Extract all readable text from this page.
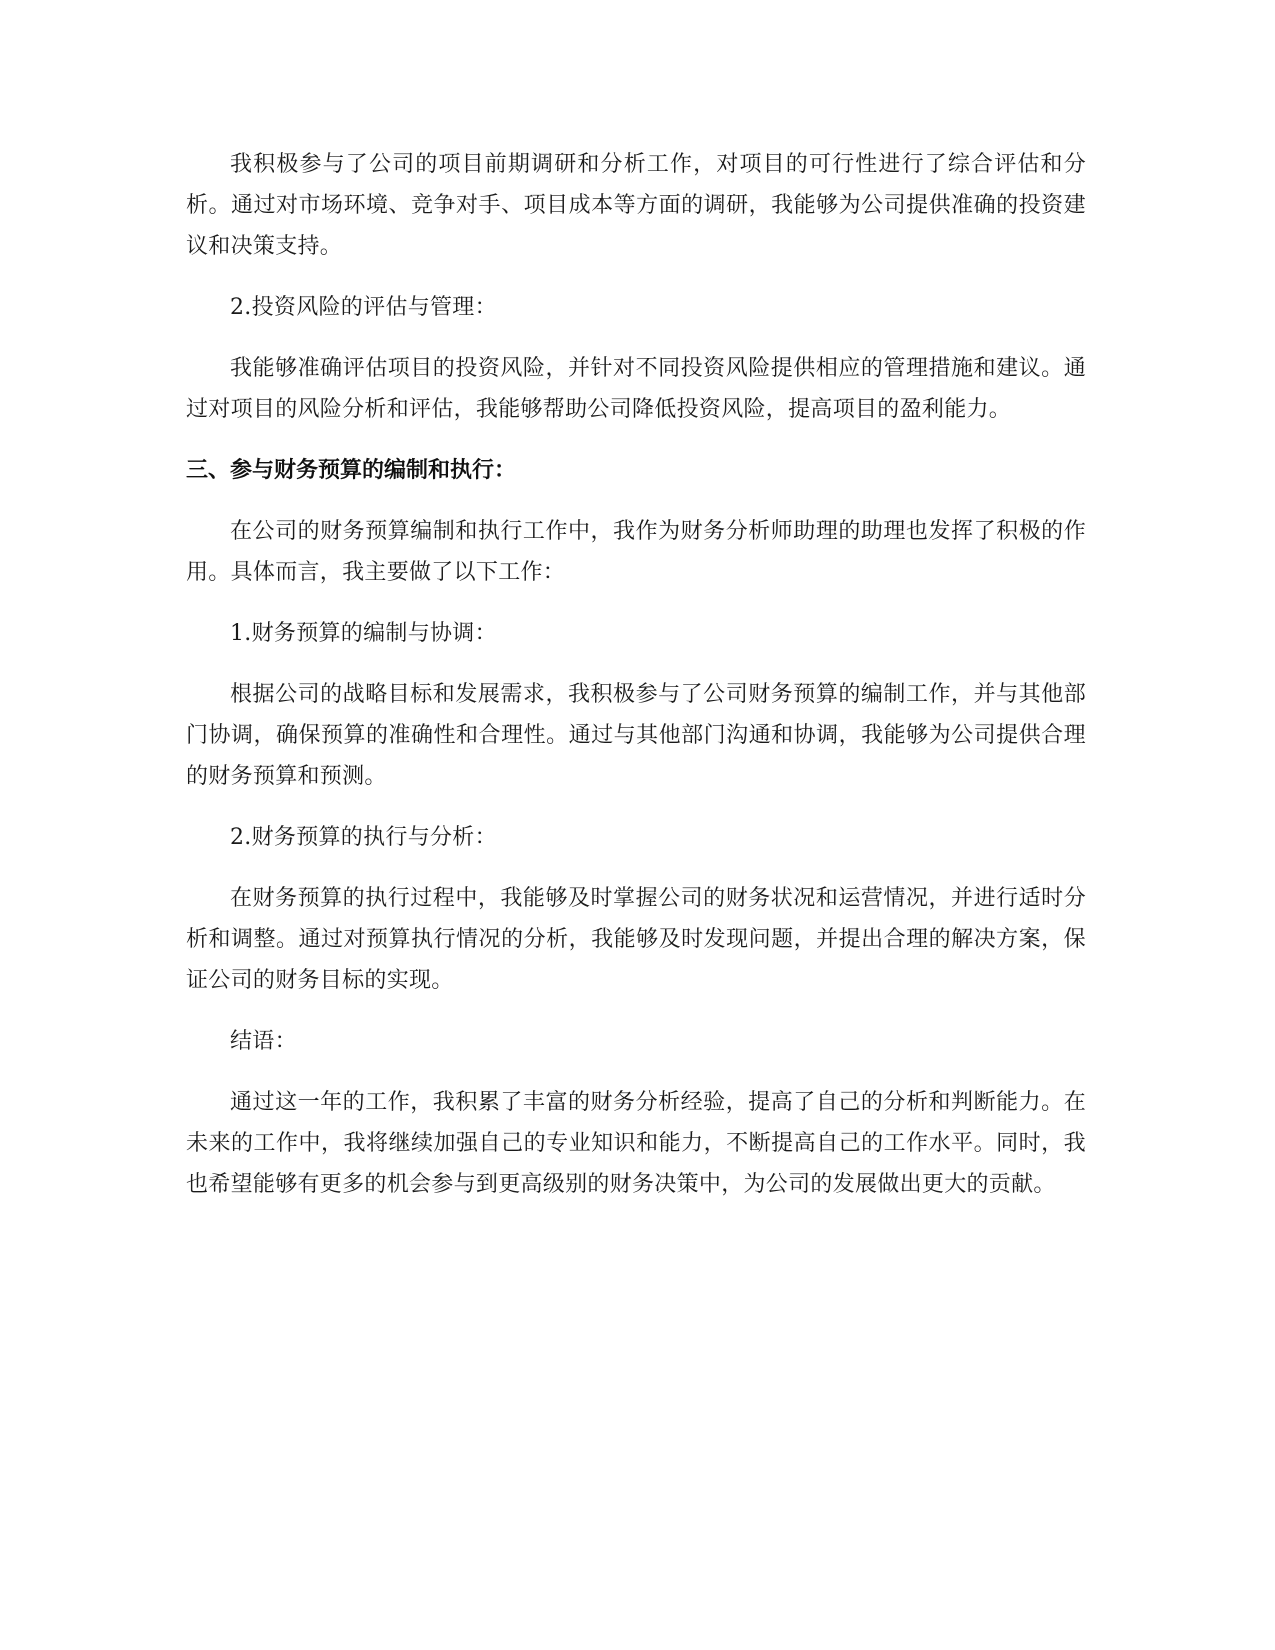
我积极参与了公司的项目前期调研和分析工作，对项目的可行性进行了综合评估和分析。通过对市场环境、竞争对手、项目成本等方面的调研，我能够为公司提供准确的投资建议和决策支持。

2.投资风险的评估与管理：

我能够准确评估项目的投资风险，并针对不同投资风险提供相应的管理措施和建议。通过对项目的风险分析和评估，我能够帮助公司降低投资风险，提高项目的盈利能力。

三、参与财务预算的编制和执行：

在公司的财务预算编制和执行工作中，我作为财务分析师助理的助理也发挥了积极的作用。具体而言，我主要做了以下工作：

1.财务预算的编制与协调：

根据公司的战略目标和发展需求，我积极参与了公司财务预算的编制工作，并与其他部门协调，确保预算的准确性和合理性。通过与其他部门沟通和协调，我能够为公司提供合理的财务预算和预测。

2.财务预算的执行与分析：

在财务预算的执行过程中，我能够及时掌握公司的财务状况和运营情况，并进行适时分析和调整。通过对预算执行情况的分析，我能够及时发现问题，并提出合理的解决方案，保证公司的财务目标的实现。

结语：

通过这一年的工作，我积累了丰富的财务分析经验，提高了自己的分析和判断能力。在未来的工作中，我将继续加强自己的专业知识和能力，不断提高自己的工作水平。同时，我也希望能够有更多的机会参与到更高级别的财务决策中，为公司的发展做出更大的贡献。
